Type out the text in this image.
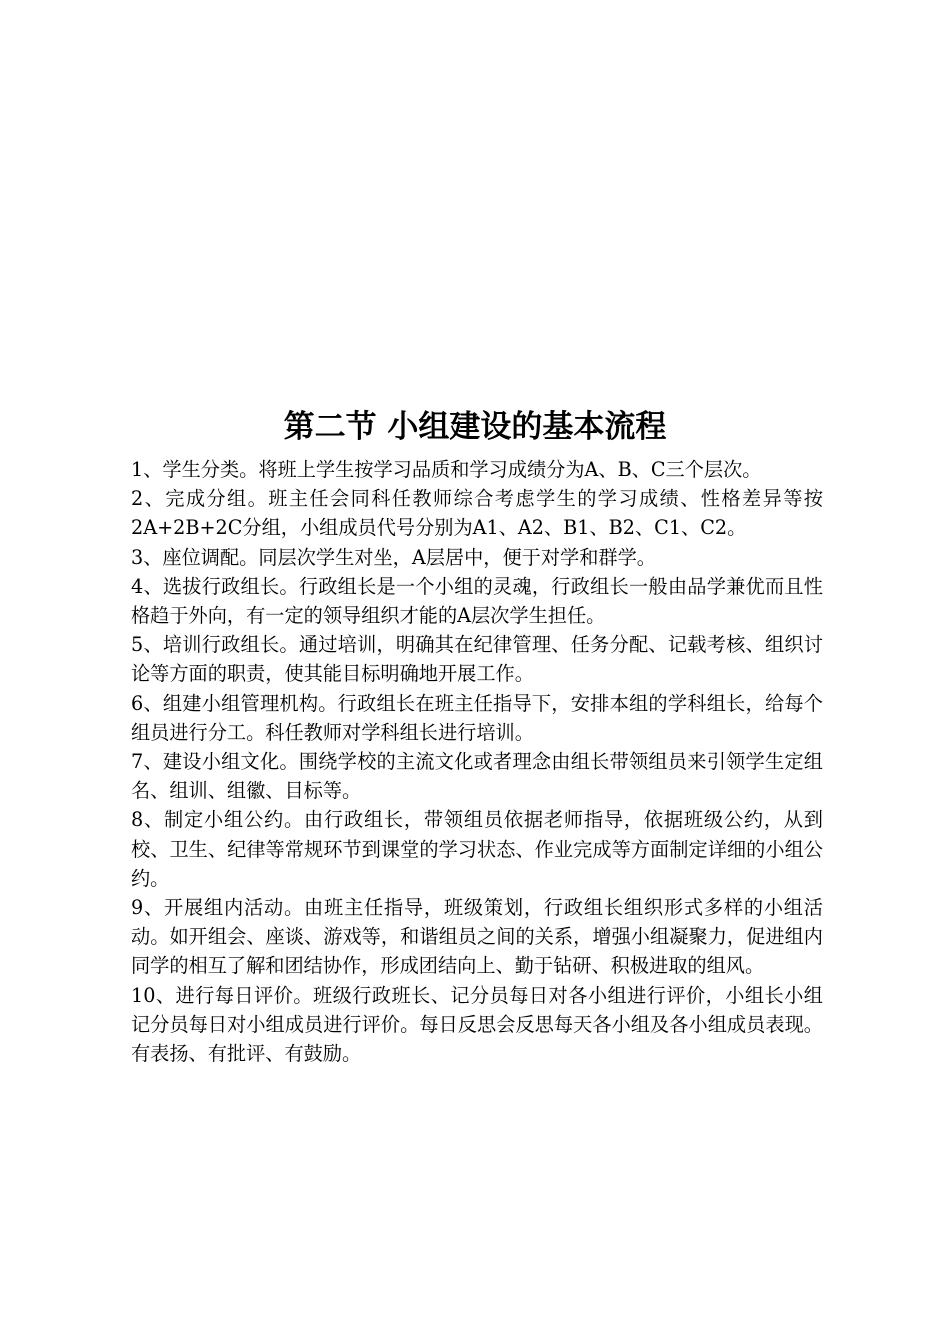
第二节 小组建设的基本流程

1、学生分类。将班上学生按学习品质和学习成绩分为A、B、C三个层次。

2、完成分组。班主任会同科任教师综合考虑学生的学习成绩、性格差异等按2A+2B+2C分组，小组成员代号分别为A1、A2、B1、B2、C1、C2。

3、座位调配。同层次学生对坐，A层居中，便于对学和群学。

4、选拔行政组长。行政组长是一个小组的灵魂，行政组长一般由品学兼优而且性格趋于外向，有一定的领导组织才能的A层次学生担任。

5、培训行政组长。通过培训，明确其在纪律管理、任务分配、记载考核、组织讨论等方面的职责，使其能目标明确地开展工作。

6、组建小组管理机构。行政组长在班主任指导下，安排本组的学科组长，给每个组员进行分工。科任教师对学科组长进行培训。

7、建设小组文化。围绕学校的主流文化或者理念由组长带领组员来引领学生定组名、组训、组徽、目标等。

8、制定小组公约。由行政组长，带领组员依据老师指导，依据班级公约，从到校、卫生、纪律等常规环节到课堂的学习状态、作业完成等方面制定详细的小组公约。

9、开展组内活动。由班主任指导，班级策划，行政组长组织形式多样的小组活动。如开组会、座谈、游戏等，和谐组员之间的关系，增强小组凝聚力，促进组内同学的相互了解和团结协作，形成团结向上、勤于钻研、积极进取的组风。

10、进行每日评价。班级行政班长、记分员每日对各小组进行评价，小组长小组记分员每日对小组成员进行评价。每日反思会反思每天各小组及各小组成员表现。有表扬、有批评、有鼓励。
